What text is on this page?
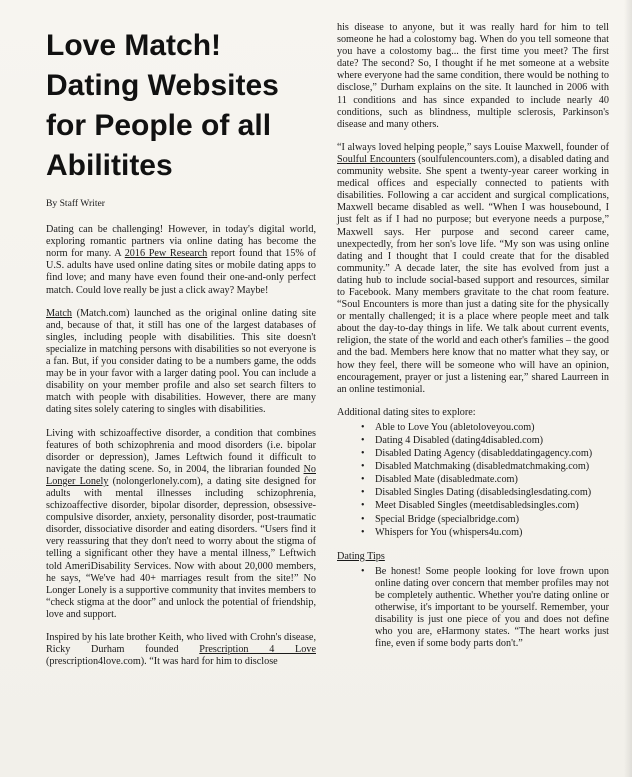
Love Match! Dating Websites for People of all Abilitites
By Staff Writer

Dating can be challenging! However, in today's digital world, exploring romantic partners via online dating has become the norm for many. A 2016 Pew Research report found that 15% of U.S. adults have used online dating sites or mobile dating apps to find love; and many have even found their one-and-only perfect match. Could love really be just a click away? Maybe!

Match (Match.com) launched as the original online dating site and, because of that, it still has one of the largest databases of singles, including people with disabilities. This site doesn't specialize in matching persons with disabilities so not everyone is a fan. But, if you consider dating to be a numbers game, the odds may be in your favor with a larger dating pool. You can include a disability on your member profile and also set search filters to match with people with disabilities. However, there are many dating sites solely catering to singles with disabilities.

Living with schizoaffective disorder, a condition that combines features of both schizophrenia and mood disorders (i.e. bipolar disorder or depression), James Leftwich found it difficult to navigate the dating scene. So, in 2004, the librarian founded No Longer Lonely (nolongerlonely.com), a dating site designed for adults with mental illnesses including schizophrenia, schizoaffective disorder, bipolar disorder, depression, obsessive-compulsive disorder, anxiety, personality disorder, post-traumatic disorder, dissociative disorder and eating disorders. “Users find it very reassuring that they don't need to worry about the stigma of telling a significant other they have a mental illness,” Leftwich told AmeriDisability Services. Now with about 20,000 members, he says, “We've had 40+ marriages result from the site!” No Longer Lonely is a supportive community that invites members to “check stigma at the door” and unlock the potential of friendship, love and support.

Inspired by his late brother Keith, who lived with Crohn's disease, Ricky Durham founded Prescription 4 Love (prescription4love.com). “It was hard for him to disclose

his disease to anyone, but it was really hard for him to tell someone he had a colostomy bag. When do you tell someone that you have a colostomy bag... the first time you meet? The first date? The second? So, I thought if he met someone at a website where everyone had the same condition, there would be nothing to disclose,” Durham explains on the site. It launched in 2006 with 11 conditions and has since expanded to include nearly 40 conditions, such as blindness, multiple sclerosis, Parkinson's disease and many others.

“I always loved helping people,” says Louise Maxwell, founder of Soulful Encounters (soulfulencounters.com), a disabled dating and community website. She spent a twenty-year career working in medical offices and especially connected to patients with disabilities. Following a car accident and surgical complications, Maxwell became disabled as well. “When I was housebound, I just felt as if I had no purpose; but everyone needs a purpose,” Maxwell says. Her purpose and second career came, unexpectedly, from her son's love life. “My son was using online dating and I thought that I could create that for the disabled community.” A decade later, the site has evolved from just a dating hub to include social-based support and resources, similar to Facebook. Many members gravitate to the chat room feature. “Soul Encounters is more than just a dating site for the physically or mentally challenged; it is a place where people meet and talk about the day-to-day things in life. We talk about current events, religion, the state of the world and each other's families – the good and the bad. Members here know that no matter what they say, or how they feel, there will be someone who will have an opinion, encouragement, prayer or just a listening ear,” shared Laurreen in an online testimonial.

Additional dating sites to explore:
• Able to Love You (abletoloveyou.com)
• Dating 4 Disabled (dating4disabled.com)
• Disabled Dating Agency (disableddatingagency.com)
• Disabled Matchmaking (disabledmatchmaking.com)
• Disabled Mate (disabledmate.com)
• Disabled Singles Dating (disabledsinglesdating.com)
• Meet Disabled Singles (meetdisabledsingles.com)
• Special Bridge (specialbridge.com)
• Whispers for You (whispers4u.com)
Dating Tips
• Be honest! Some people looking for love frown upon online dating over concern that member profiles may not be completely authentic. Whether you're dating online or otherwise, it's important to be yourself. Remember, your disability is just one piece of you and does not define who you are, eHarmony states. “The heart works just fine, even if some body parts don't.”
